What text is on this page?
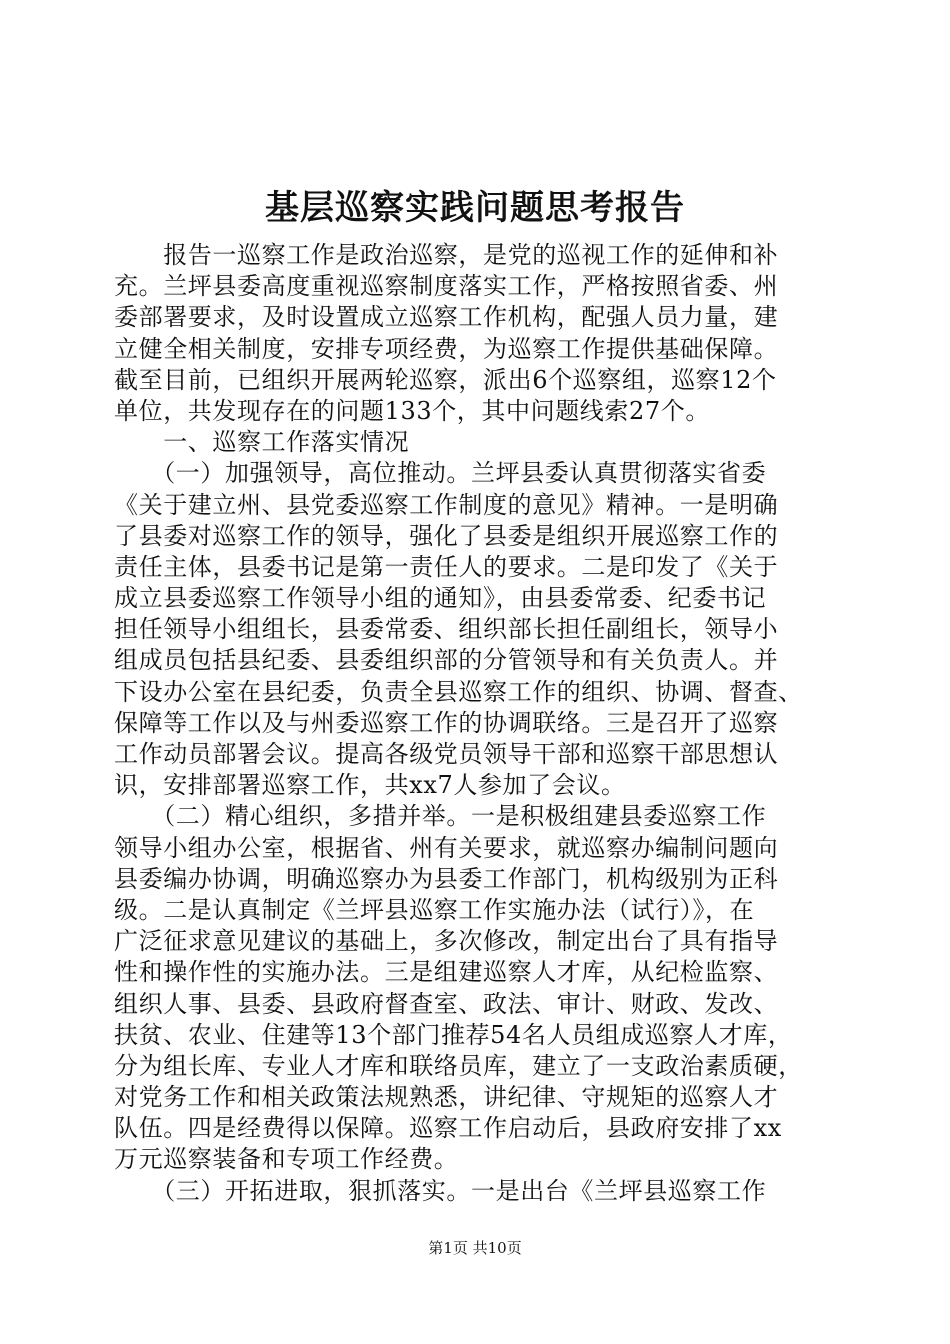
基层巡察实践问题思考报告
　　报告一巡察工作是政治巡察，是党的巡视工作的延伸和补
充。兰坪县委高度重视巡察制度落实工作，严格按照省委、州
委部署要求，及时设置成立巡察工作机构，配强人员力量，建
立健全相关制度，安排专项经费，为巡察工作提供基础保障。
截至目前，已组织开展两轮巡察，派出6个巡察组，巡察12个
单位，共发现存在的问题133个，其中问题线索27个。
　　一、巡察工作落实情况
　　（一）加强领导，高位推动。兰坪县委认真贯彻落实省委
《关于建立州、县党委巡察工作制度的意见》精神。一是明确
了县委对巡察工作的领导，强化了县委是组织开展巡察工作的
责任主体，县委书记是第一责任人的要求。二是印发了《关于
成立县委巡察工作领导小组的通知》，由县委常委、纪委书记
担任领导小组组长，县委常委、组织部长担任副组长，领导小
组成员包括县纪委、县委组织部的分管领导和有关负责人。并
下设办公室在县纪委，负责全县巡察工作的组织、协调、督查、
保障等工作以及与州委巡察工作的协调联络。三是召开了巡察
工作动员部署会议。提高各级党员领导干部和巡察干部思想认
识，安排部署巡察工作，共xx7人参加了会议。
　　（二）精心组织，多措并举。一是积极组建县委巡察工作
领导小组办公室，根据省、州有关要求，就巡察办编制问题向
县委编办协调，明确巡察办为县委工作部门，机构级别为正科
级。二是认真制定《兰坪县巡察工作实施办法（试行）》，在
广泛征求意见建议的基础上，多次修改，制定出台了具有指导
性和操作性的实施办法。三是组建巡察人才库，从纪检监察、
组织人事、县委、县政府督查室、政法、审计、财政、发改、
扶贫、农业、住建等13个部门推荐54名人员组成巡察人才库，
分为组长库、专业人才库和联络员库，建立了一支政治素质硬，
对党务工作和相关政策法规熟悉，讲纪律、守规矩的巡察人才
队伍。四是经费得以保障。巡察工作启动后，县政府安排了xx
万元巡察装备和专项工作经费。
　　（三）开拓进取，狠抓落实。一是出台《兰坪县巡察工作
第1页 共10页
